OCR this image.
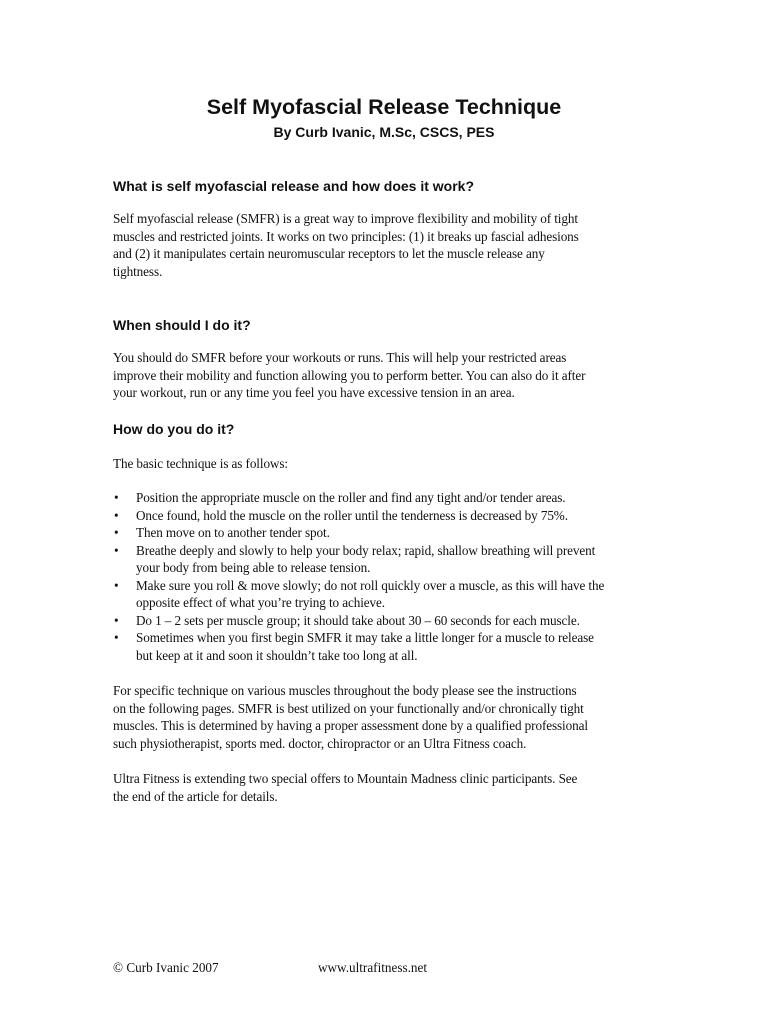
Self Myofascial Release Technique
By Curb Ivanic, M.Sc, CSCS, PES
What is self myofascial release and how does it work?
Self myofascial release (SMFR) is a great way to improve flexibility and mobility of tight
muscles and restricted joints. It works on two principles: (1) it breaks up fascial adhesions
and (2) it manipulates certain neuromuscular receptors to let the muscle release any
tightness.
When should I do it?
You should do SMFR before your workouts or runs. This will help your restricted areas
improve their mobility and function allowing you to perform better. You can also do it after
your workout, run or any time you feel you have excessive tension in an area.
How do you do it?
The basic technique is as follows:
• Position the appropriate muscle on the roller and find any tight and/or tender areas.
• Once found, hold the muscle on the roller until the tenderness is decreased by 75%.
• Then move on to another tender spot.
• Breathe deeply and slowly to help your body relax; rapid, shallow breathing will prevent
your body from being able to release tension.
• Make sure you roll & move slowly; do not roll quickly over a muscle, as this will have the
opposite effect of what you’re trying to achieve.
• Do 1 – 2 sets per muscle group; it should take about 30 – 60 seconds for each muscle.
• Sometimes when you first begin SMFR it may take a little longer for a muscle to release
but keep at it and soon it shouldn’t take too long at all.
For specific technique on various muscles throughout the body please see the instructions
on the following pages. SMFR is best utilized on your functionally and/or chronically tight
muscles. This is determined by having a proper assessment done by a qualified professional
such physiotherapist, sports med. doctor, chiropractor or an Ultra Fitness coach.
Ultra Fitness is extending two special offers to Mountain Madness clinic participants. See
the end of the article for details.
© Curb Ivanic 2007	www.ultrafitness.net
